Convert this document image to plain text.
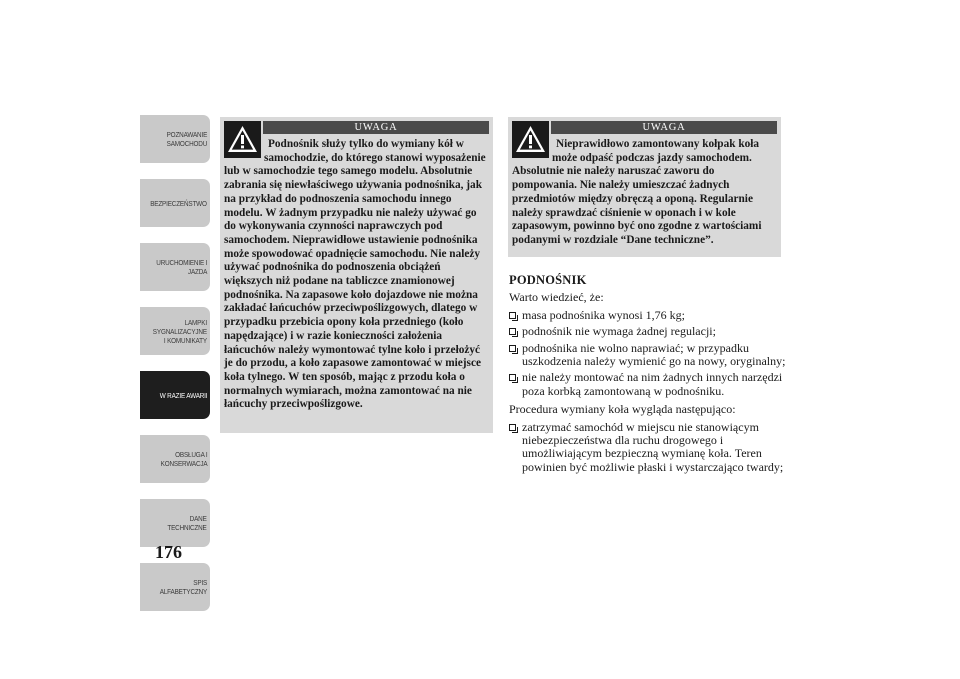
POZNAWANIE
SAMOCHODU
BEZPIECZEŃSTWO
URUCHOMIENIE I
JAZDA
LAMPKI
SYGNALIZACYJNE
I KOMUNIKATY
W RAZIE AWARII
OBSŁUGA I
KONSERWACJA
DANE
TECHNICZNE
SPIS
ALFABETYCZNY
176
UWAGA
Podnośnik służy tylko do wymiany kół w samochodzie, do którego stanowi wyposażenie lub w samochodzie tego samego modelu. Absolutnie zabrania się niewłaściwego używania podnośnika, jak na przykład do podnoszenia samochodu innego modelu. W żadnym przypadku nie należy używać go do wykonywania czynności naprawczych pod samochodem. Nieprawidłowe ustawienie podnośnika może spowodować opadnięcie samochodu. Nie należy używać podnośnika do podnoszenia obciążeń większych niż podane na tabliczce znamionowej podnośnika. Na zapasowe koło dojazdowe nie można zakładać łańcuchów przeciwpoślizgowych, dlatego w przypadku przebicia opony koła przedniego (koło napędzające) i w razie konieczności założenia łańcuchów należy wymontować tylne koło i przełożyć je do przodu, a koło zapasowe zamontować w miejsce koła tylnego. W ten sposób, mając z przodu koła o normalnych wymiarach, można zamontować na nie łańcuchy przeciwpoślizgowe.
UWAGA
Nieprawidłowo zamontowany kołpak koła może odpaść podczas jazdy samochodem. Absolutnie nie należy naruszać zaworu do pompowania. Nie należy umieszczać żadnych przedmiotów między obręczą a oponą. Regularnie należy sprawdzać ciśnienie w oponach i w kole zapasowym, powinno być ono zgodne z wartościami podanymi w rozdziale “Dane techniczne”.
PODNOŚNIK

Warto wiedzieć, że:

masa podnośnika wynosi 1,76 kg;
podnośnik nie wymaga żadnej regulacji;
podnośnika nie wolno naprawiać; w przypadku uszkodzenia należy wymienić go na nowy, oryginalny;
nie należy montować na nim żadnych innych narzędzi poza korbką zamontowaną w podnośniku.

Procedura wymiany koła wygląda następująco:

zatrzymać samochód w miejscu nie stanowiącym niebezpieczeństwa dla ruchu drogowego i umożliwiającym bezpieczną wymianę koła. Teren powinien być możliwie płaski i wystarczająco twardy;
